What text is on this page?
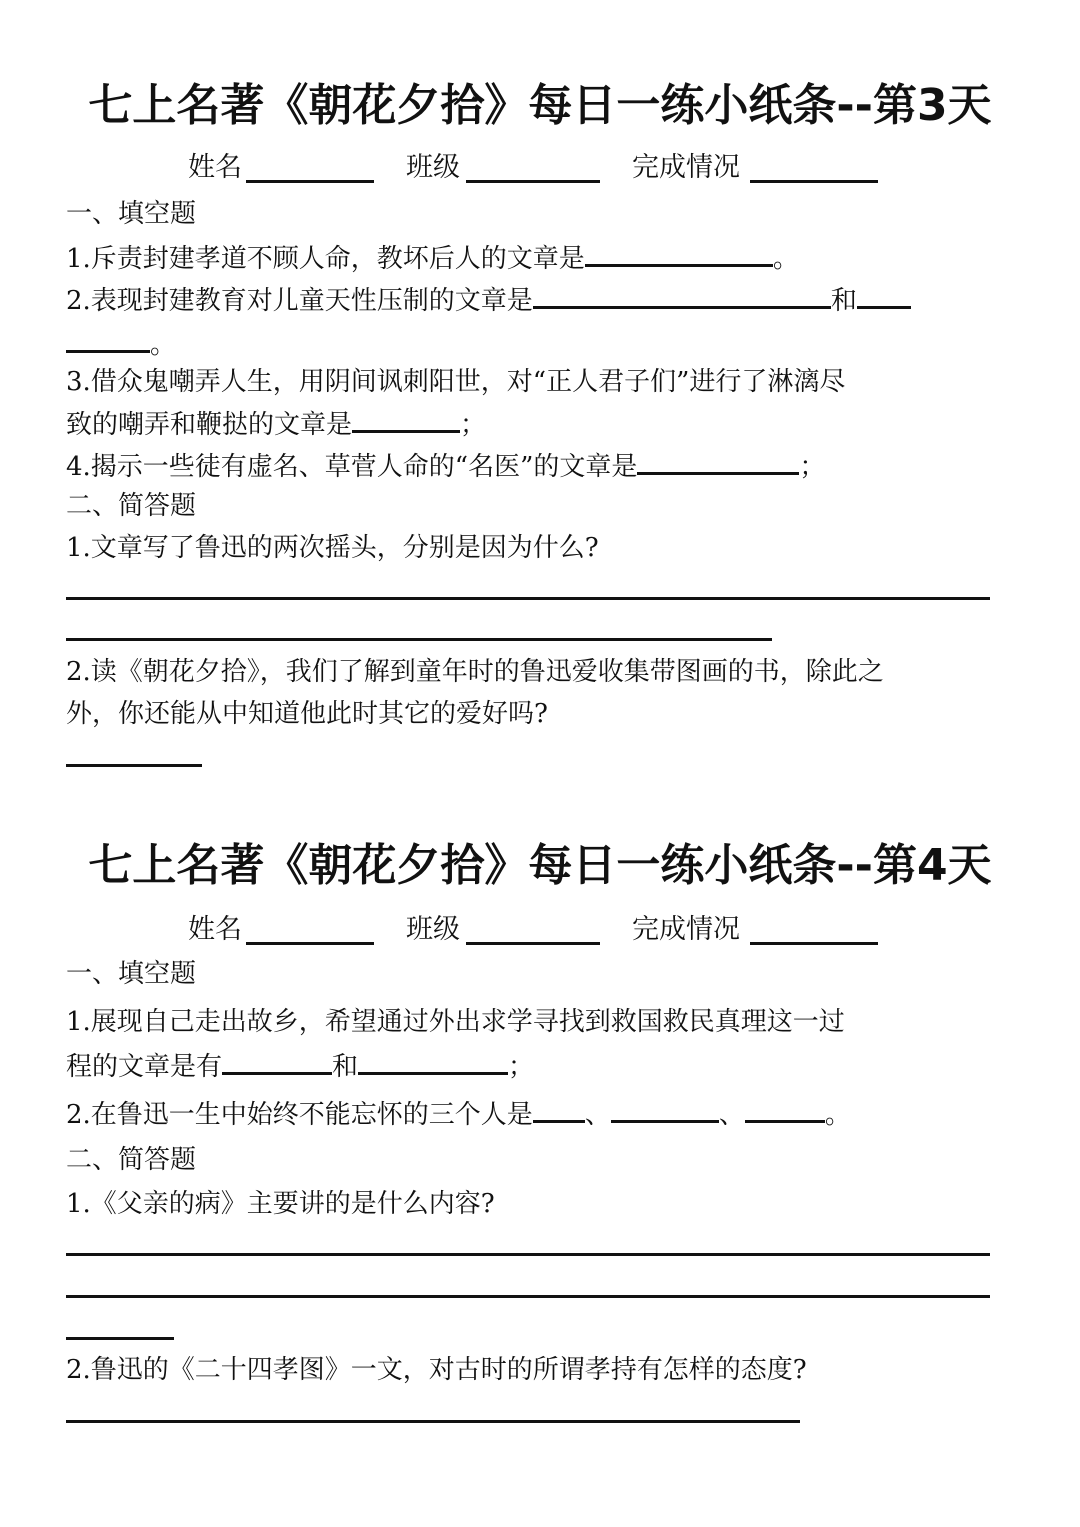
七上名著《朝花夕拾》每日一练小纸条--第3天
姓名	班级	完成情况
一、填空题
1.斥责封建孝道不顾人命，教坏后人的文章是	。
2.表现封建教育对儿童天性压制的文章是	和
。
3.借众鬼嘲弄人生，用阴间讽刺阳世，对“正人君子们”进行了淋漓尽
致的嘲弄和鞭挞的文章是	；
4.揭示一些徒有虚名、草菅人命的“名医”的文章是	；
二、简答题
1.文章写了鲁迅的两次摇头，分别是因为什么?
2.读《朝花夕拾》，我们了解到童年时的鲁迅爱收集带图画的书，除此之
外，你还能从中知道他此时其它的爱好吗?
七上名著《朝花夕拾》每日一练小纸条--第4天
姓名	班级	完成情况
一、填空题
1.展现自己走出故乡，希望通过外出求学寻找到救国救民真理这一过
程的文章是有	和	；
2.在鲁迅一生中始终不能忘怀的三个人是 、	、	。
二、简答题
1.《父亲的病》主要讲的是什么内容?
2.鲁迅的《二十四孝图》一文，对古时的所谓孝持有怎样的态度?
